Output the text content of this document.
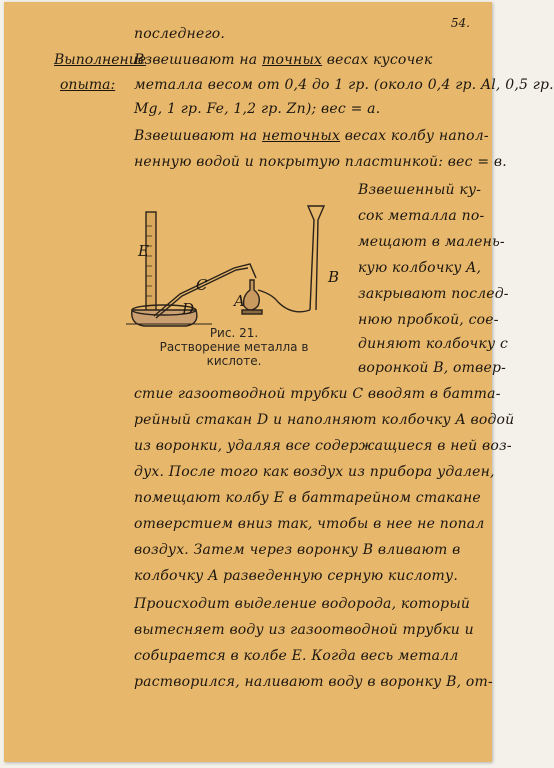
54.
последнего.
Выполнение
Взвешивают на точных весах кусочек
опыта: металла весом от 0,4 до 1 гр. (около 0,4 гр. Al, 0,5 гр.
Mg, 1 гр. Fe, 1,2 гр. Zn); вес = a.
Взвешивают на неточных весах колбу напол-
ненную водой и покрытую пластинкой: вес = в.
Взвешенный ку-
сок металла по-
мещают в малень-
кую колбочку A,
закрывают послед-
нюю пробкой, сое-
диняют колбочку с
воронкой B, отвер-
E
D
C
A
B
Рис. 21.
Растворение металла в
кислоте.
стие газоотводной трубки C вводят в батта-
рейный стакан D и наполняют колбочку A водой
из воронки, удаляя все содержащиеся в ней воз-
дух. После того как воздух из прибора удален,
помещают колбу E в баттарейном стакане
отверстием вниз так, чтобы в нее не попал
воздух. Затем через воронку B вливают в
колбочку A разведенную серную кислоту.
Происходит выделение водорода, который
вытесняет воду из газоотводной трубки и
собирается в колбе E. Когда весь металл
растворился, наливают воду в воронку B, от-
